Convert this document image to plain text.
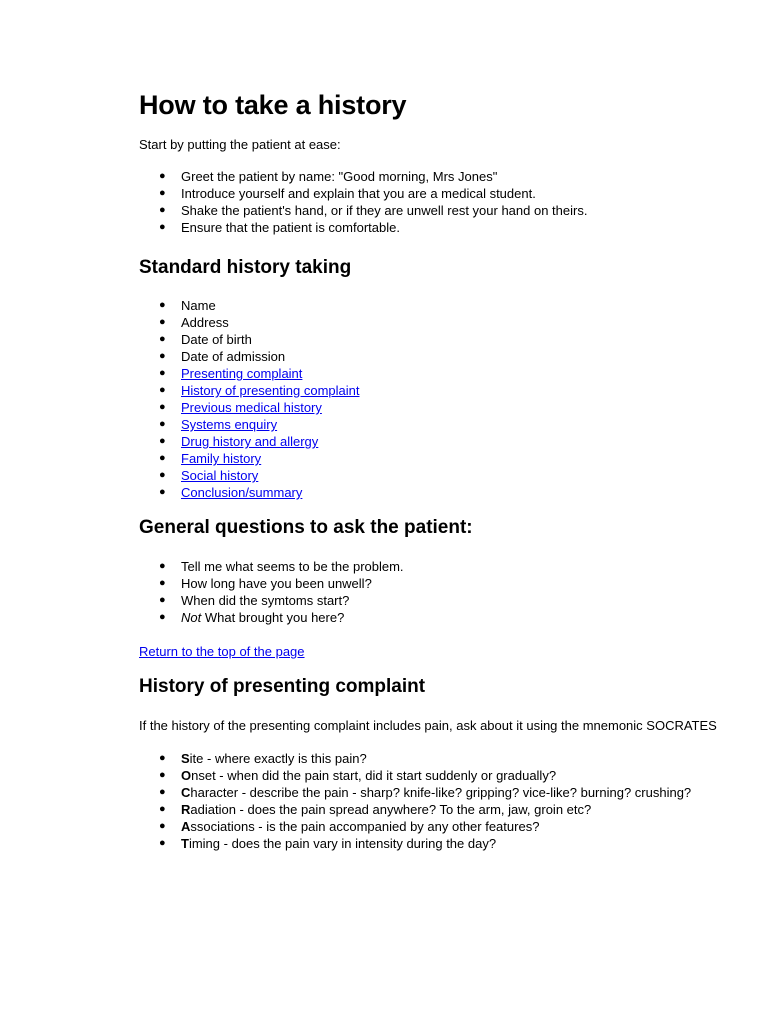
How to take a history

Start by putting the patient at ease:

● Greet the patient by name: "Good morning, Mrs Jones"
● Introduce yourself and explain that you are a medical student.
● Shake the patient's hand, or if they are unwell rest your hand on theirs.
● Ensure that the patient is comfortable.
Standard history taking
● Name
● Address
● Date of birth
● Date of admission
● Presenting complaint
● History of presenting complaint
● Previous medical history
● Systems enquiry
● Drug history and allergy
● Family history
● Social history
● Conclusion/summary
General questions to ask the patient:
● Tell me what seems to be the problem.
● How long have you been unwell?
● When did the symtoms start?
● Not What brought you here?

Return to the top of the page

History of presenting complaint

If the history of the presenting complaint includes pain, ask about it using the mnemonic SOCRATES

● Site - where exactly is this pain?
● Onset - when did the pain start, did it start suddenly or gradually?
● Character - describe the pain - sharp? knife-like? gripping? vice-like? burning? crushing?
● Radiation - does the pain spread anywhere? To the arm, jaw, groin etc?
● Associations - is the pain accompanied by any other features?
● Timing - does the pain vary in intensity during the day?
